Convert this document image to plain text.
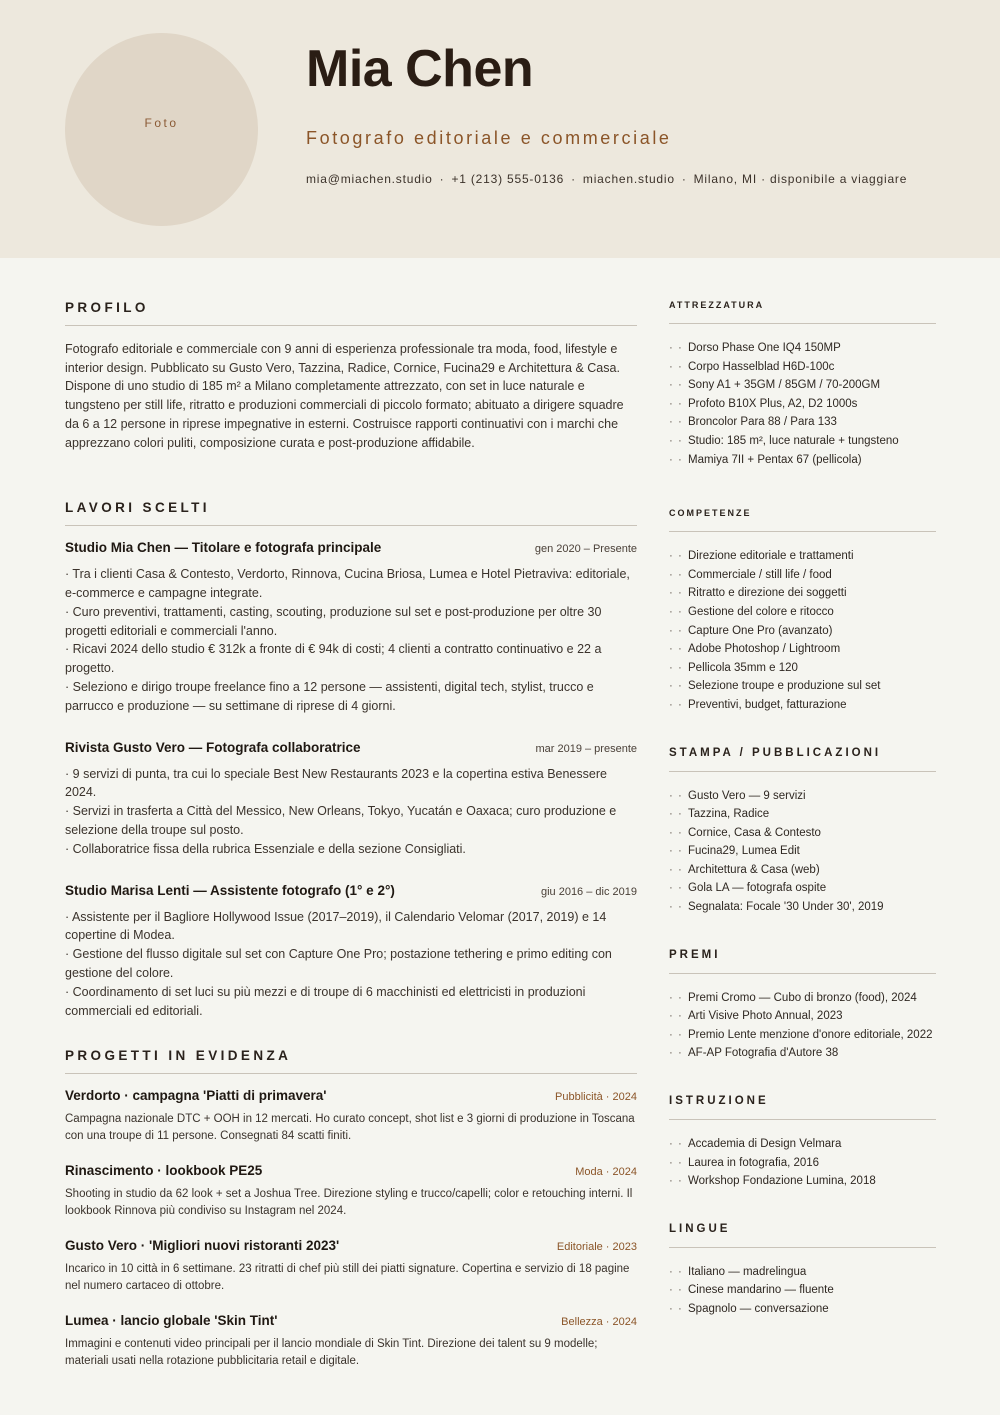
Foto
Mia Chen
Fotografo editoriale e commerciale
mia@miachen.studio · +1 (213) 555-0136 · miachen.studio · Milano, MI · disponibile a viaggiare
PROFILO

Fotografo editoriale e commerciale con 9 anni di esperienza professionale tra moda, food, lifestyle e interior design. Pubblicato su Gusto Vero, Tazzina, Radice, Cornice, Fucina29 e Architettura & Casa. Dispone di uno studio di 185 m² a Milano completamente attrezzato, con set in luce naturale e tungsteno per still life, ritratto e produzioni commerciali di piccolo formato; abituato a dirigere squadre da 6 a 12 persone in riprese impegnative in esterni. Costruisce rapporti continuativi con i marchi che apprezzano colori puliti, composizione curata e post-produzione affidabile.

LAVORI SCELTI
Studio Mia Chen — Titolare e fotografa principale	gen 2020 – Presente
· Tra i clienti Casa & Contesto, Verdorto, Rinnova, Cucina Briosa, Lumea e Hotel Pietraviva: editoriale, e-commerce e campagne integrate.
· Curo preventivi, trattamenti, casting, scouting, produzione sul set e post-produzione per oltre 30 progetti editoriali e commerciali l'anno.
· Ricavi 2024 dello studio € 312k a fronte di € 94k di costi; 4 clienti a contratto continuativo e 22 a progetto.
· Seleziono e dirigo troupe freelance fino a 12 persone — assistenti, digital tech, stylist, trucco e parrucco e produzione — su settimane di riprese di 4 giorni.
Rivista Gusto Vero — Fotografa collaboratrice	mar 2019 – presente
· 9 servizi di punta, tra cui lo speciale Best New Restaurants 2023 e la copertina estiva Benessere 2024.
· Servizi in trasferta a Città del Messico, New Orleans, Tokyo, Yucatán e Oaxaca; curo produzione e selezione della troupe sul posto.
· Collaboratrice fissa della rubrica Essenziale e della sezione Consigliati.
Studio Marisa Lenti — Assistente fotografo (1° e 2°)	giu 2016 – dic 2019
· Assistente per il Bagliore Hollywood Issue (2017–2019), il Calendario Velomar (2017, 2019) e 14 copertine di Modea.
· Gestione del flusso digitale sul set con Capture One Pro; postazione tethering e primo editing con gestione del colore.
· Coordinamento di set luci su più mezzi e di troupe di 6 macchinisti ed elettricisti in produzioni commerciali ed editoriali.
PROGETTI IN EVIDENZA
Verdorto · campagna 'Piatti di primavera'	Pubblicità · 2024

Campagna nazionale DTC + OOH in 12 mercati. Ho curato concept, shot list e 3 giorni di produzione in Toscana con una troupe di 11 persone. Consegnati 84 scatti finiti.

Rinascimento · lookbook PE25	Moda · 2024

Shooting in studio da 62 look + set a Joshua Tree. Direzione styling e trucco/capelli; color e retouching interni. Il lookbook Rinnova più condiviso su Instagram nel 2024.

Gusto Vero · 'Migliori nuovi ristoranti 2023'	Editoriale · 2023

Incarico in 10 città in 6 settimane. 23 ritratti di chef più still dei piatti signature. Copertina e servizio di 18 pagine nel numero cartaceo di ottobre.

Lumea · lancio globale 'Skin Tint'	Bellezza · 2024

Immagini e contenuti video principali per il lancio mondiale di Skin Tint. Direzione dei talent su 9 modelle; materiali usati nella rotazione pubblicitaria retail e digitale.

ATTREZZATURA
· · Dorso Phase One IQ4 150MP
· · Corpo Hasselblad H6D-100c
· · Sony A1 + 35GM / 85GM / 70-200GM
· · Profoto B10X Plus, A2, D2 1000s
· · Broncolor Para 88 / Para 133
· · Studio: 185 m², luce naturale + tungsteno
· · Mamiya 7II + Pentax 67 (pellicola)
COMPETENZE
· · Direzione editoriale e trattamenti
· · Commerciale / still life / food
· · Ritratto e direzione dei soggetti
· · Gestione del colore e ritocco
· · Capture One Pro (avanzato)
· · Adobe Photoshop / Lightroom
· · Pellicola 35mm e 120
· · Selezione troupe e produzione sul set
· · Preventivi, budget, fatturazione
STAMPA / PUBBLICAZIONI
· · Gusto Vero — 9 servizi
· · Tazzina, Radice
· · Cornice, Casa & Contesto
· · Fucina29, Lumea Edit
· · Architettura & Casa (web)
· · Gola LA — fotografa ospite
· · Segnalata: Focale '30 Under 30', 2019
PREMI
· · Premi Cromo — Cubo di bronzo (food), 2024
· · Arti Visive Photo Annual, 2023
· · Premio Lente menzione d'onore editoriale, 2022
· · AF-AP Fotografia d'Autore 38
ISTRUZIONE
· · Accademia di Design Velmara
· · Laurea in fotografia, 2016
· · Workshop Fondazione Lumina, 2018
LINGUE
· · Italiano — madrelingua
· · Cinese mandarino — fluente
· · Spagnolo — conversazione
